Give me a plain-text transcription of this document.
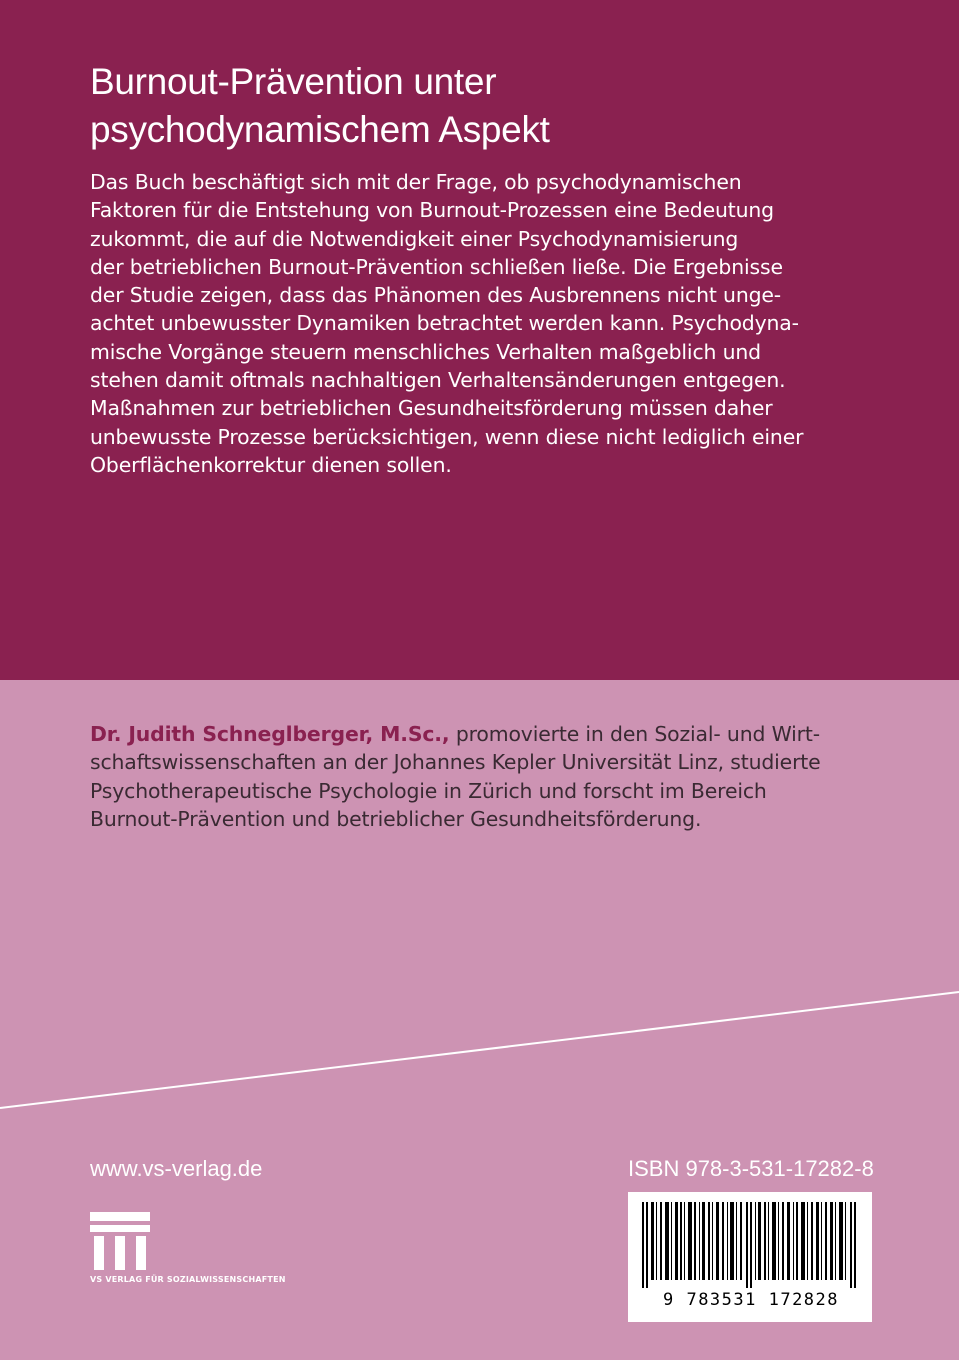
Burnout-Prävention unter
psychodynamischem Aspekt
Das Buch beschäftigt sich mit der Frage, ob psychodynamischen
Faktoren für die Entstehung von Burnout-Prozessen eine Bedeutung
zukommt, die auf die Notwendigkeit einer Psychodynamisierung
der betrieblichen Burnout-Prävention schließen ließe. Die Ergebnisse
der Studie zeigen, dass das Phänomen des Ausbrennens nicht unge-
achtet unbewusster Dynamiken betrachtet werden kann. Psychodyna-
mische Vorgänge steuern menschliches Verhalten maßgeblich und
stehen damit oftmals nachhaltigen Verhaltensänderungen entgegen.
Maßnahmen zur betrieblichen Gesundheitsförderung müssen daher
unbewusste Prozesse berücksichtigen, wenn diese nicht lediglich einer
Oberflächenkorrektur dienen sollen.
Dr. Judith Schneglberger, M.Sc., promovierte in den Sozial- und Wirt-
schaftswissenschaften an der Johannes Kepler Universität Linz, studierte
Psychotherapeutische Psychologie in Zürich und forscht im Bereich
Burnout-Prävention und betrieblicher Gesundheitsförderung.
www.vs-verlag.de
VS VERLAG FÜR SOZIALWISSENSCHAFTEN
ISBN 978-3-531-17282-8
9 783531 172828
